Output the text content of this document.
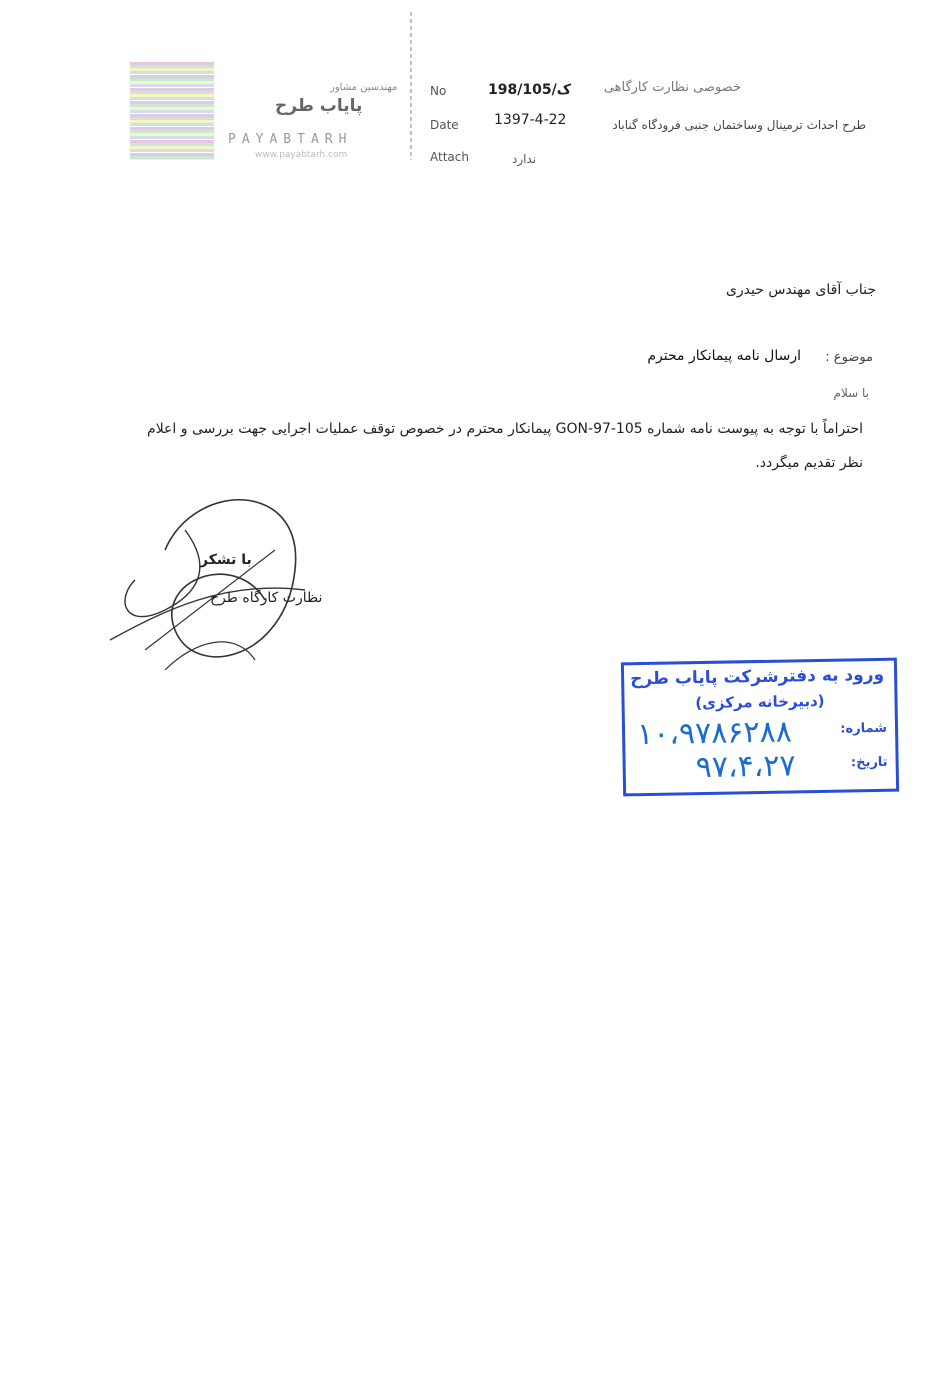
مهندسین مشاور
پایاب طرح
PAYABTARH
www.payabtarh.com
No	198/ک/105
Date	1397-4-22
Attach	ندارد
خصوصی نظارت کارگاهی
طرح احداث ترمینال وساختمان جنبی فرودگاه گناباد
جناب آقای مهندس حیدری
موضوع :
ارسال نامه پیمانکار محترم
با سلام
احتراماً با توجه به پیوست نامه شماره GON-97-105 پیمانکار محترم در خصوص توقف عملیات اجرایی جهت بررسی و اعلام
نظر تقدیم میگردد.
با تشکر
نظارت کارگاه طرح
ورود به دفترشرکت پایاب طرح
(دبیرخانه مرکزی)
شماره:
۱۰،۹۷۸۶۲۸۸
تاریخ:
۹۷،۴،۲۷
